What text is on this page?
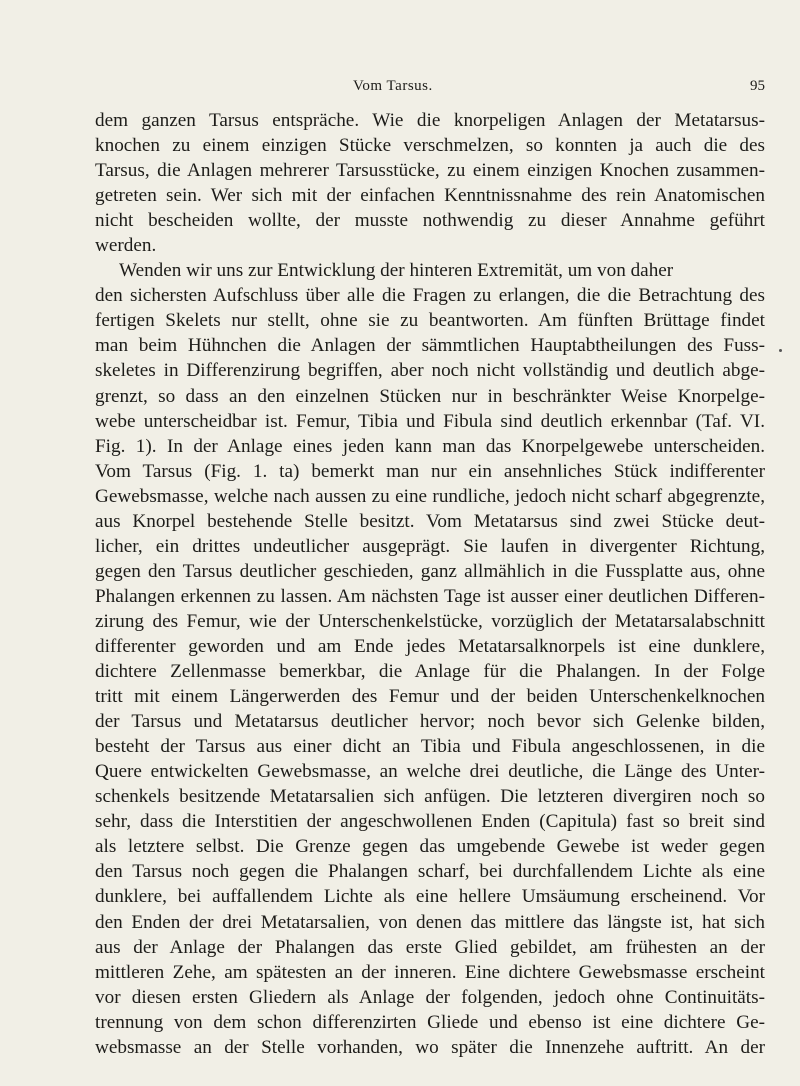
Vom Tarsus.	95
dem ganzen Tarsus entspräche. Wie die knorpeligen Anlagen der Metatarsus-
knochen zu einem einzigen Stücke verschmelzen, so konnten ja auch die des
Tarsus, die Anlagen mehrerer Tarsusstücke, zu einem einzigen Knochen zusammen-
getreten sein. Wer sich mit der einfachen Kenntnissnahme des rein Anatomischen
nicht bescheiden wollte, der musste nothwendig zu dieser Annahme geführt
werden.
Wenden wir uns zur Entwicklung der hinteren Extremität, um von daher
den sichersten Aufschluss über alle die Fragen zu erlangen, die die Betrachtung des
fertigen Skelets nur stellt, ohne sie zu beantworten. Am fünften Brüttage findet
man beim Hühnchen die Anlagen der sämmtlichen Hauptabtheilungen des Fuss-
skeletes in Differenzirung begriffen, aber noch nicht vollständig und deutlich abge-
grenzt, so dass an den einzelnen Stücken nur in beschränkter Weise Knorpelge-
webe unterscheidbar ist. Femur, Tibia und Fibula sind deutlich erkennbar (Taf. VI.
Fig. 1). In der Anlage eines jeden kann man das Knorpelgewebe unterscheiden.
Vom Tarsus (Fig. 1. ta) bemerkt man nur ein ansehnliches Stück indifferenter
Gewebsmasse, welche nach aussen zu eine rundliche, jedoch nicht scharf abgegrenzte,
aus Knorpel bestehende Stelle besitzt. Vom Metatarsus sind zwei Stücke deut-
licher, ein drittes undeutlicher ausgeprägt. Sie laufen in divergenter Richtung,
gegen den Tarsus deutlicher geschieden, ganz allmählich in die Fussplatte aus, ohne
Phalangen erkennen zu lassen. Am nächsten Tage ist ausser einer deutlichen Differen-
zirung des Femur, wie der Unterschenkelstücke, vorzüglich der Metatarsalabschnitt
differenter geworden und am Ende jedes Metatarsalknorpels ist eine dunklere,
dichtere Zellenmasse bemerkbar, die Anlage für die Phalangen. In der Folge
tritt mit einem Längerwerden des Femur und der beiden Unterschenkelknochen
der Tarsus und Metatarsus deutlicher hervor; noch bevor sich Gelenke bilden,
besteht der Tarsus aus einer dicht an Tibia und Fibula angeschlossenen, in die
Quere entwickelten Gewebsmasse, an welche drei deutliche, die Länge des Unter-
schenkels besitzende Metatarsalien sich anfügen. Die letzteren divergiren noch so
sehr, dass die Interstitien der angeschwollenen Enden (Capitula) fast so breit sind
als letztere selbst. Die Grenze gegen das umgebende Gewebe ist weder gegen
den Tarsus noch gegen die Phalangen scharf, bei durchfallendem Lichte als eine
dunklere, bei auffallendem Lichte als eine hellere Umsäumung erscheinend. Vor
den Enden der drei Metatarsalien, von denen das mittlere das längste ist, hat sich
aus der Anlage der Phalangen das erste Glied gebildet, am frühesten an der
mittleren Zehe, am spätesten an der inneren. Eine dichtere Gewebsmasse erscheint
vor diesen ersten Gliedern als Anlage der folgenden, jedoch ohne Continuitäts-
trennung von dem schon differenzirten Gliede und ebenso ist eine dichtere Ge-
websmasse an der Stelle vorhanden, wo später die Innenzehe auftritt. An der
